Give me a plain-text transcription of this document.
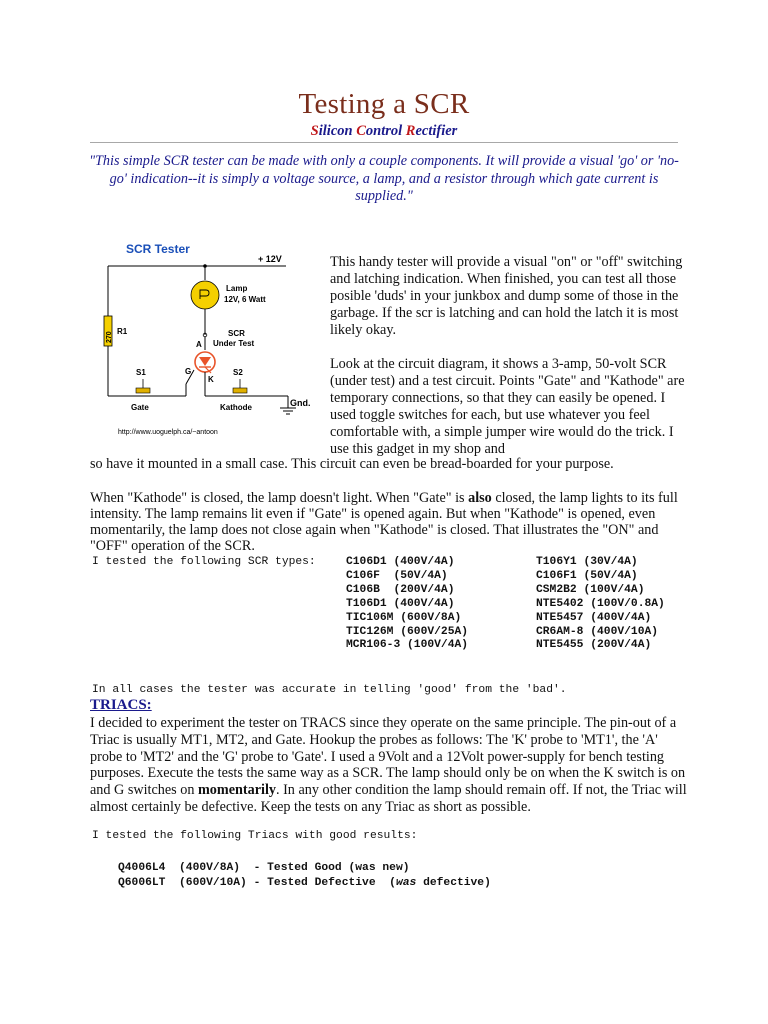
Testing a SCR
Silicon Control Rectifier
"This simple SCR tester can be made with only a couple components. It will provide a visual 'go' or 'no-go' indication--it is simply a voltage source, a lamp, and a resistor through which gate current is supplied."
SCR Tester
+ 12V
270 R1
Lamp
12V, 6 Watt
SCR
Under Test
A
G
K
S1
Gate
S2
Kathode	Gnd.
http://www.uoguelph.ca/~antoon
This handy tester will provide a visual "on" or "off" switching and latching indication. When finished, you can test all those posible 'duds' in your junkbox and dump some of those in the garbage. If the scr is latching and can hold the latch it is most likely okay.
Look at the circuit diagram, it shows a 3-amp, 50-volt SCR (under test) and a test circuit. Points "Gate" and "Kathode" are temporary connections, so that they can easily be opened. I used toggle switches for each, but use whatever you feel comfortable with, a simple jumper wire would do the trick. I use this gadget in my shop and
so have it mounted in a small case. This circuit can even be bread-boarded for your purpose.
When "Kathode" is closed, the lamp doesn't light. When "Gate" is also closed, the lamp lights to its full intensity. The lamp remains lit even if "Gate" is opened again. But when "Kathode" is opened, even momentarily, the lamp does not close again when "Kathode" is closed. That illustrates the "ON" and "OFF" operation of the SCR.
I tested the following SCR types:	C106D1 (400V/4A)
C106F  (50V/4A)
C106B  (200V/4A)
T106D1 (400V/4A)
TIC106M (600V/8A)
TIC126M (600V/25A)
MCR106-3 (100V/4A)
T106Y1 (30V/4A)
C106F1 (50V/4A)
CSM2B2 (100V/4A)
NTE5402 (100V/0.8A)
NTE5457 (400V/4A)
CR6AM-8 (400V/10A)
NTE5455 (200V/4A)
In all cases the tester was accurate in telling 'good' from the 'bad'.
TRIACS:
I decided to experiment the tester on TRACS since they operate on the same principle. The pin-out of a Triac is usually MT1, MT2, and Gate. Hookup the probes as follows: The 'K' probe to 'MT1', the 'A' probe to 'MT2' and the 'G' probe to 'Gate'. I used a 9Volt and a 12Volt power-supply for bench testing purposes. Execute the tests the same way as a SCR. The lamp should only be on when the K switch is on and G switches on momentarily. In any other condition the lamp should remain off. If not, the Triac will almost certainly be defective. Keep the tests on any Triac as short as possible.
I tested the following Triacs with good results:
Q4006L4  (400V/8A)  - Tested Good (was new)
Q6006LT  (600V/10A) - Tested Defective  (was defective)
